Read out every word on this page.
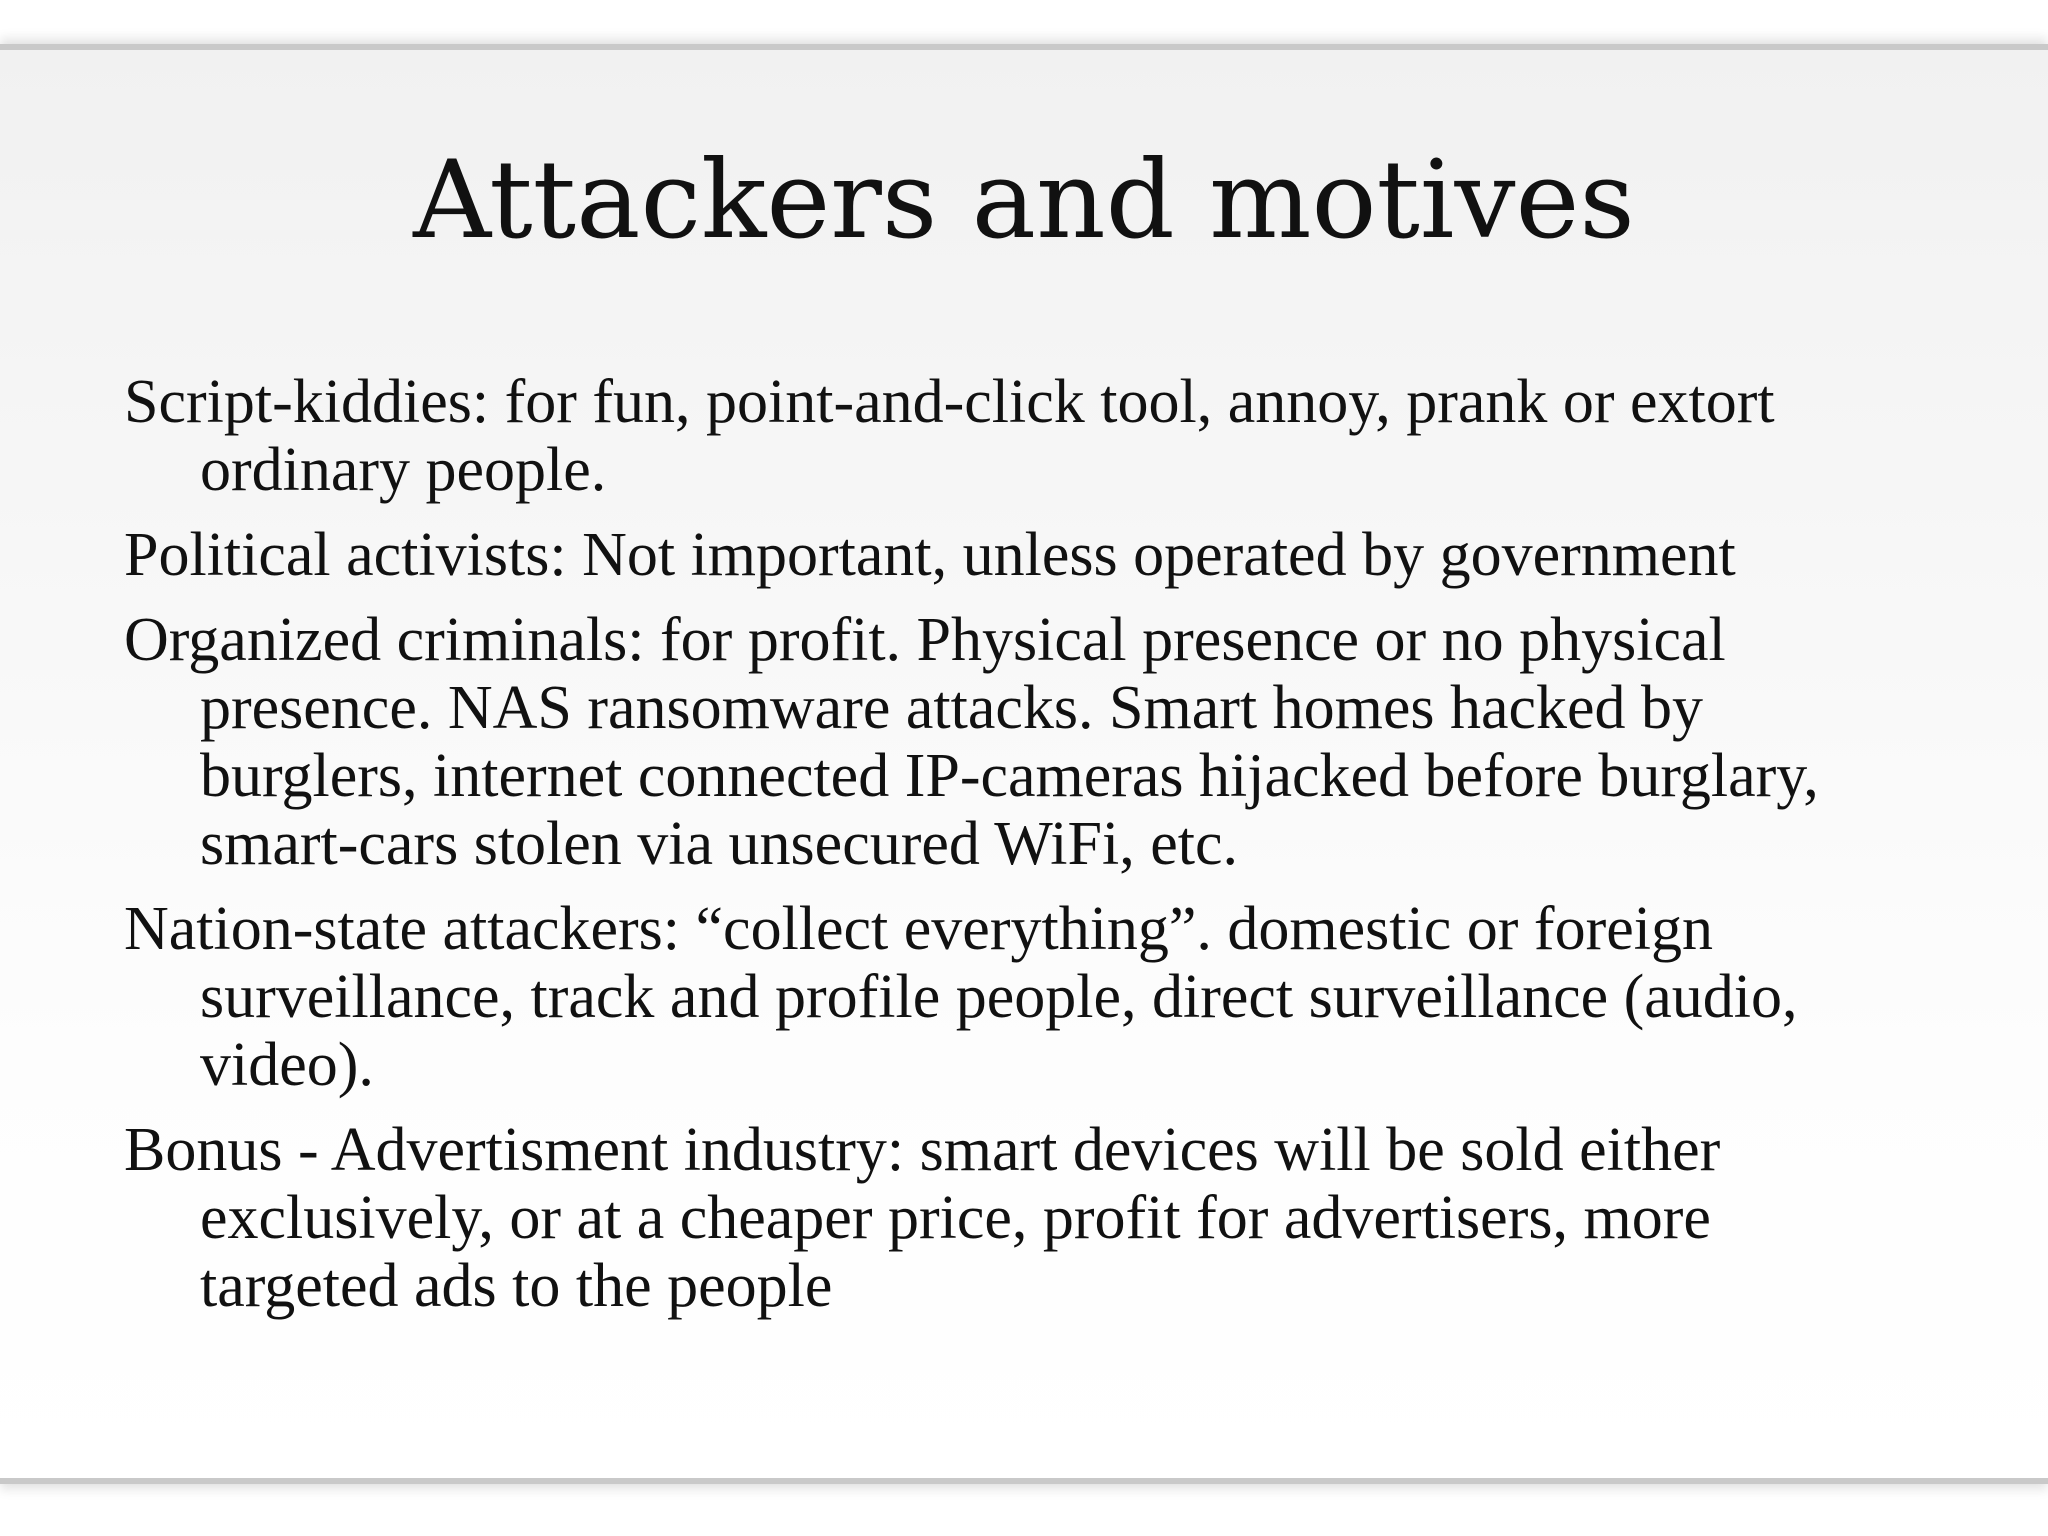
Attackers and motives
Script-kiddies: for fun, point-and-click tool, annoy, prank or extort ordinary people.
Political activists: Not important, unless operated by government
Organized criminals: for profit. Physical presence or no physical presence. NAS ransomware attacks. Smart homes hacked by burglers, internet connected IP-cameras hijacked before burglary, smart-cars stolen via unsecured WiFi, etc.
Nation-state attackers: “collect everything”. domestic or foreign surveillance, track and profile people, direct surveillance (audio, video).
Bonus - Advertisment industry: smart devices will be sold either exclusively, or at a cheaper price, profit for advertisers, more targeted ads to the people
